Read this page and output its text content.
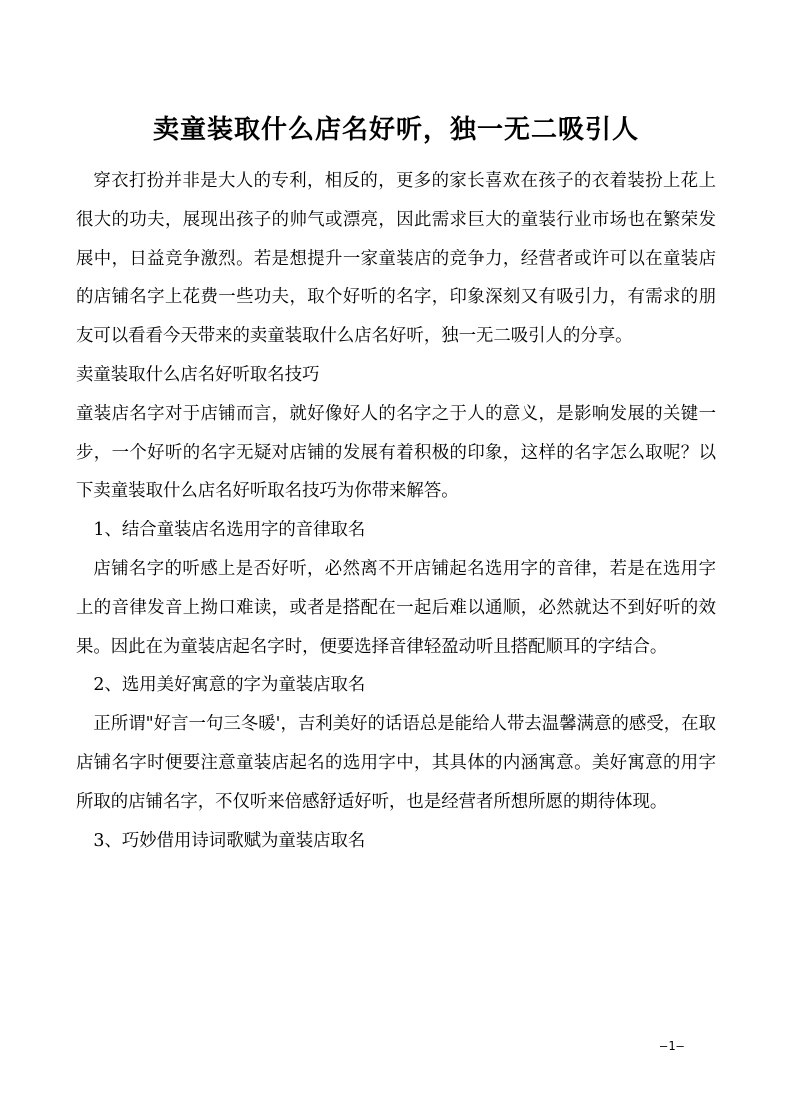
卖童装取什么店名好听，独一无二吸引人

穿衣打扮并非是大人的专利，相反的，更多的家长喜欢在孩子的衣着装扮上花上很大的功夫，展现出孩子的帅气或漂亮，因此需求巨大的童装行业市场也在繁荣发展中，日益竞争激烈。若是想提升一家童装店的竞争力，经营者或许可以在童装店的店铺名字上花费一些功夫，取个好听的名字，印象深刻又有吸引力，有需求的朋友可以看看今天带来的卖童装取什么店名好听，独一无二吸引人的分享。

卖童装取什么店名好听取名技巧

童装店名字对于店铺而言，就好像好人的名字之于人的意义，是影响发展的关键一步，一个好听的名字无疑对店铺的发展有着积极的印象，这样的名字怎么取呢？以下卖童装取什么店名好听取名技巧为你带来解答。

1、结合童装店名选用字的音律取名

店铺名字的听感上是否好听，必然离不开店铺起名选用字的音律，若是在选用字上的音律发音上拗口难读，或者是搭配在一起后难以通顺，必然就达不到好听的效果。因此在为童装店起名字时，便要选择音律轻盈动听且搭配顺耳的字结合。

2、选用美好寓意的字为童装店取名

正所谓"好言一句三冬暖'，吉利美好的话语总是能给人带去温馨满意的感受，在取店铺名字时便要注意童装店起名的选用字中，其具体的内涵寓意。美好寓意的用字所取的店铺名字，不仅听来倍感舒适好听，也是经营者所想所愿的期待体现。

3、巧妙借用诗词歌赋为童装店取名

—1—
